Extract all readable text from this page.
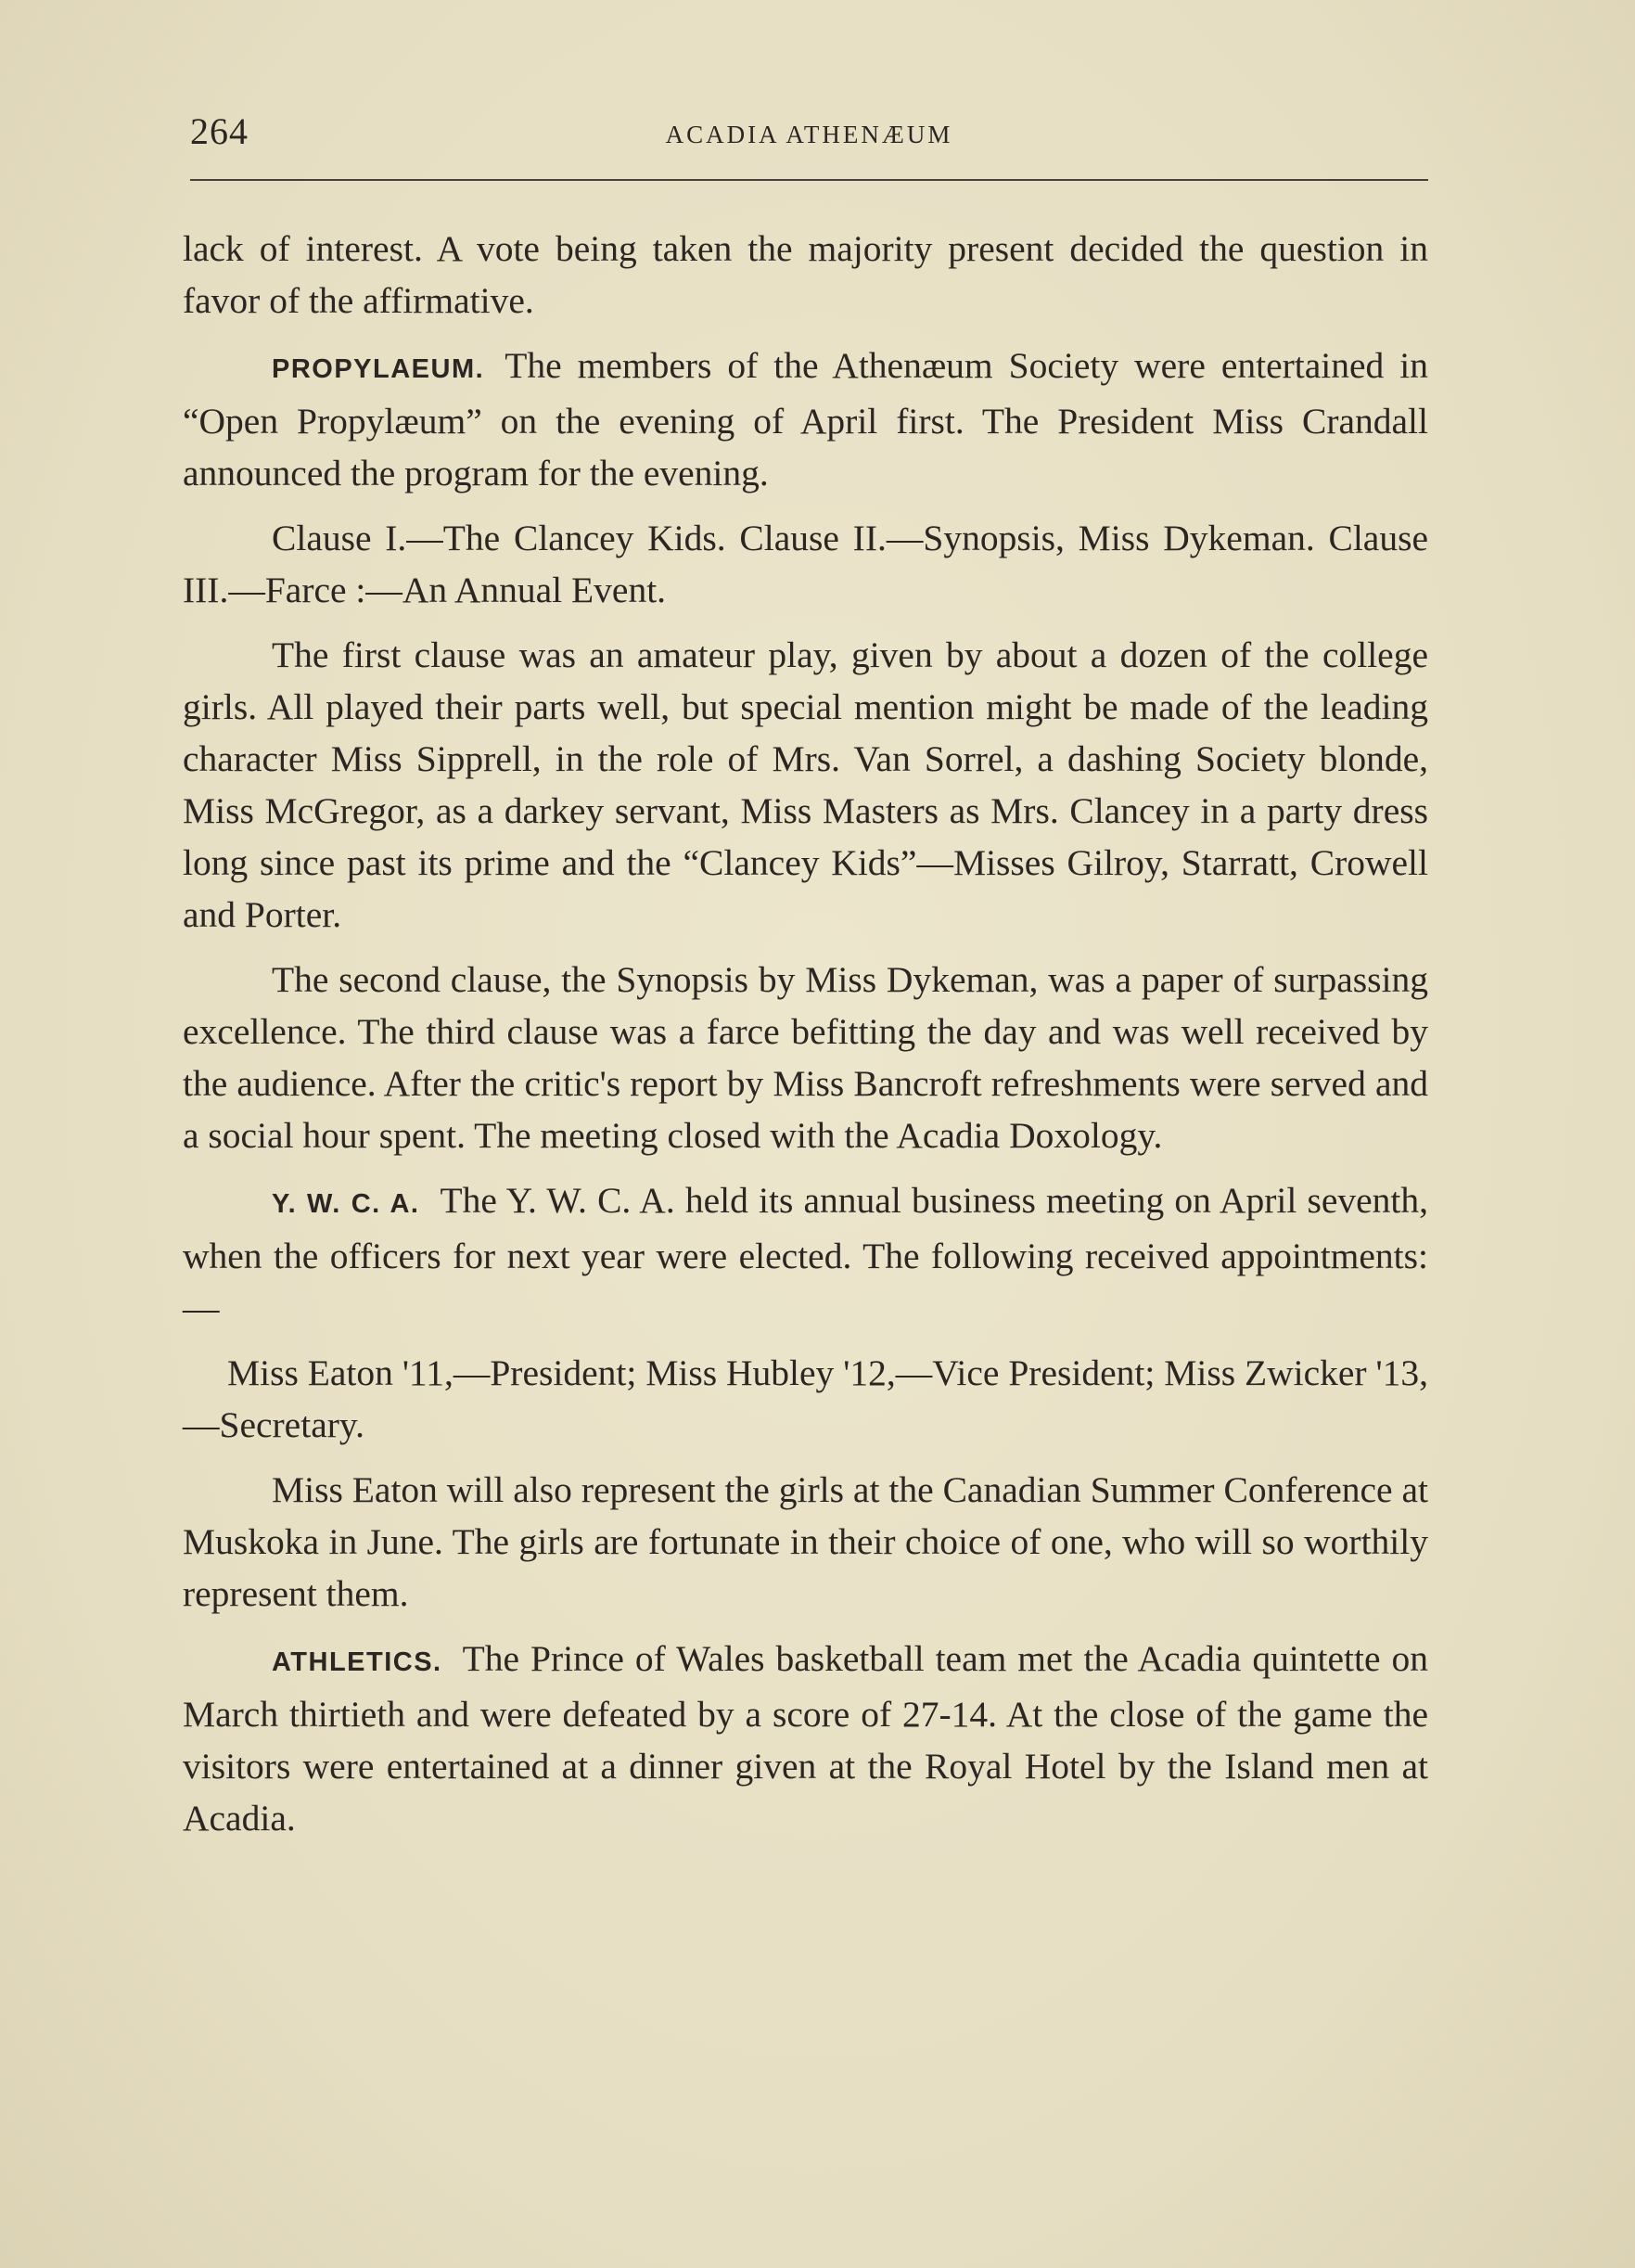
264	ACADIA ATHENÆUM

lack of interest. A vote being taken the majority present decided the question in favor of the affirmative.

PROPYLAEUM. The members of the Athenæum Society were entertained in “Open Propylæum” on the evening of April first. The President Miss Crandall announced the program for the evening.

Clause I.—The Clancey Kids. Clause II.—Synopsis, Miss Dykeman. Clause III.—Farce :—An Annual Event.

The first clause was an amateur play, given by about a dozen of the college girls. All played their parts well, but special mention might be made of the leading character Miss Sipprell, in the role of Mrs. Van Sorrel, a dashing Society blonde, Miss McGregor, as a darkey servant, Miss Masters as Mrs. Clancey in a party dress long since past its prime and the “Clancey Kids”—Misses Gilroy, Starratt, Crowell and Porter.

The second clause, the Synopsis by Miss Dykeman, was a paper of surpassing excellence. The third clause was a farce befitting the day and was well received by the audience. After the critic's report by Miss Bancroft refreshments were served and a social hour spent. The meeting closed with the Acadia Doxology.

Y. W. C. A. The Y. W. C. A. held its annual business meeting on April seventh, when the officers for next year were elected. The following received appointments:—

Miss Eaton '11,—President; Miss Hubley '12,—Vice President; Miss Zwicker '13,—Secretary.

Miss Eaton will also represent the girls at the Canadian Summer Conference at Muskoka in June. The girls are fortunate in their choice of one, who will so worthily represent them.

ATHLETICS. The Prince of Wales basketball team met the Acadia quintette on March thirtieth and were defeated by a score of 27-14. At the close of the game the visitors were entertained at a dinner given at the Royal Hotel by the Island men at Acadia.
